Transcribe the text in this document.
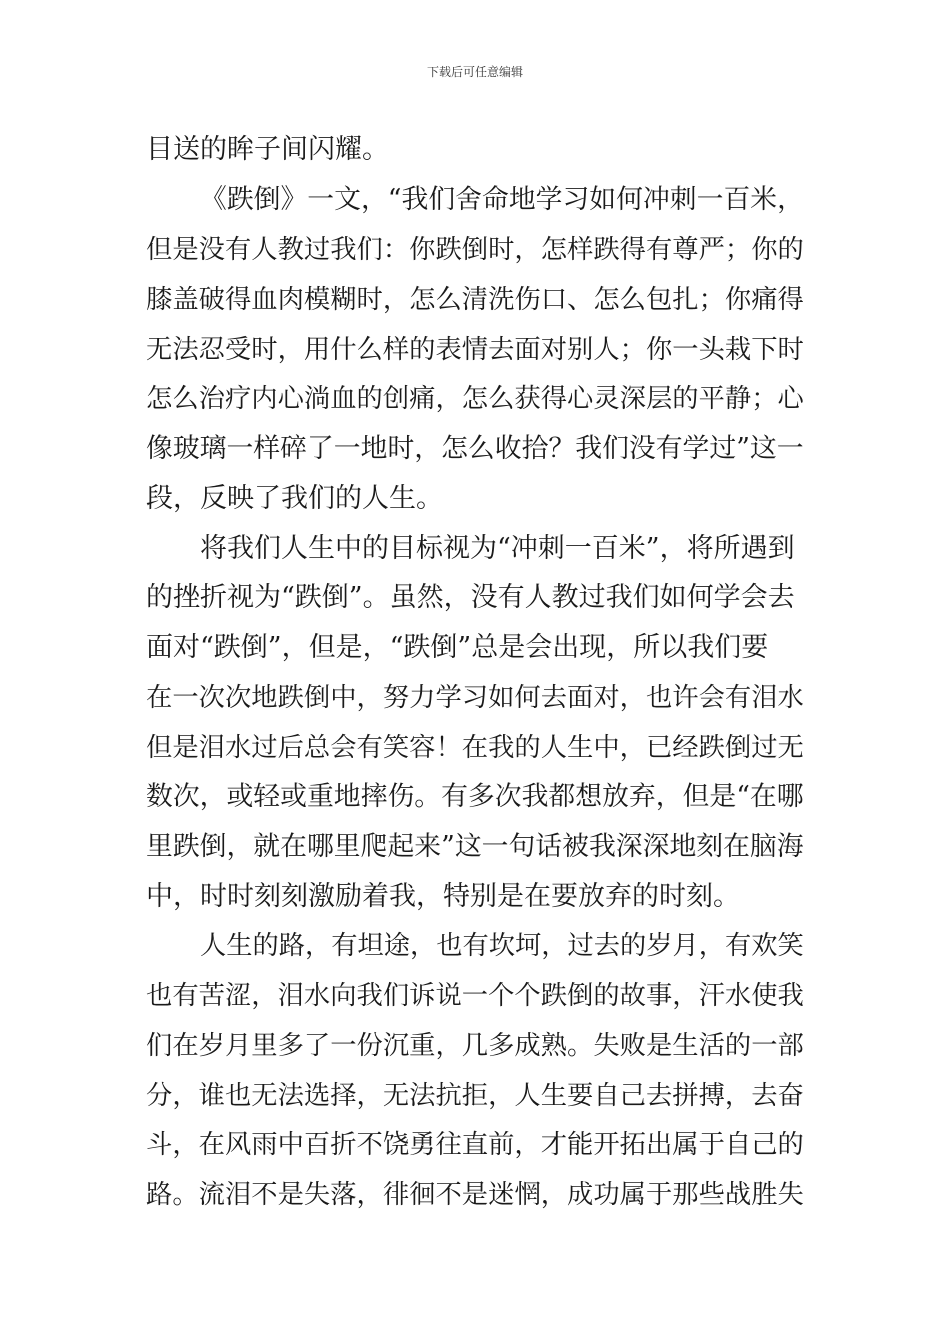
下载后可任意编辑
目送的眸子间闪耀。
《跌倒》一文，“我们舍命地学习如何冲刺一百米，
但是没有人教过我们：你跌倒时，怎样跌得有尊严；你的
膝盖破得血肉模糊时，怎么清洗伤口、怎么包扎；你痛得
无法忍受时，用什么样的表情去面对别人；你一头栽下时
怎么治疗内心淌血的创痛，怎么获得心灵深层的平静；心
像玻璃一样碎了一地时，怎么收拾？我们没有学过”这一
段，反映了我们的人生。
将我们人生中的目标视为“冲刺一百米”，将所遇到
的挫折视为“跌倒”。虽然，没有人教过我们如何学会去
面对“跌倒”，但是，“跌倒”总是会出现，所以我们要
在一次次地跌倒中，努力学习如何去面对，也许会有泪水
但是泪水过后总会有笑容！在我的人生中，已经跌倒过无
数次，或轻或重地摔伤。有多次我都想放弃，但是“在哪
里跌倒，就在哪里爬起来”这一句话被我深深地刻在脑海
中，时时刻刻激励着我，特别是在要放弃的时刻。
人生的路，有坦途，也有坎坷，过去的岁月，有欢笑
也有苦涩，泪水向我们诉说一个个跌倒的故事，汗水使我
们在岁月里多了一份沉重，几多成熟。失败是生活的一部
分，谁也无法选择，无法抗拒，人生要自己去拼搏，去奋
斗，在风雨中百折不饶勇往直前，才能开拓出属于自己的
路。流泪不是失落，徘徊不是迷惘，成功属于那些战胜失
